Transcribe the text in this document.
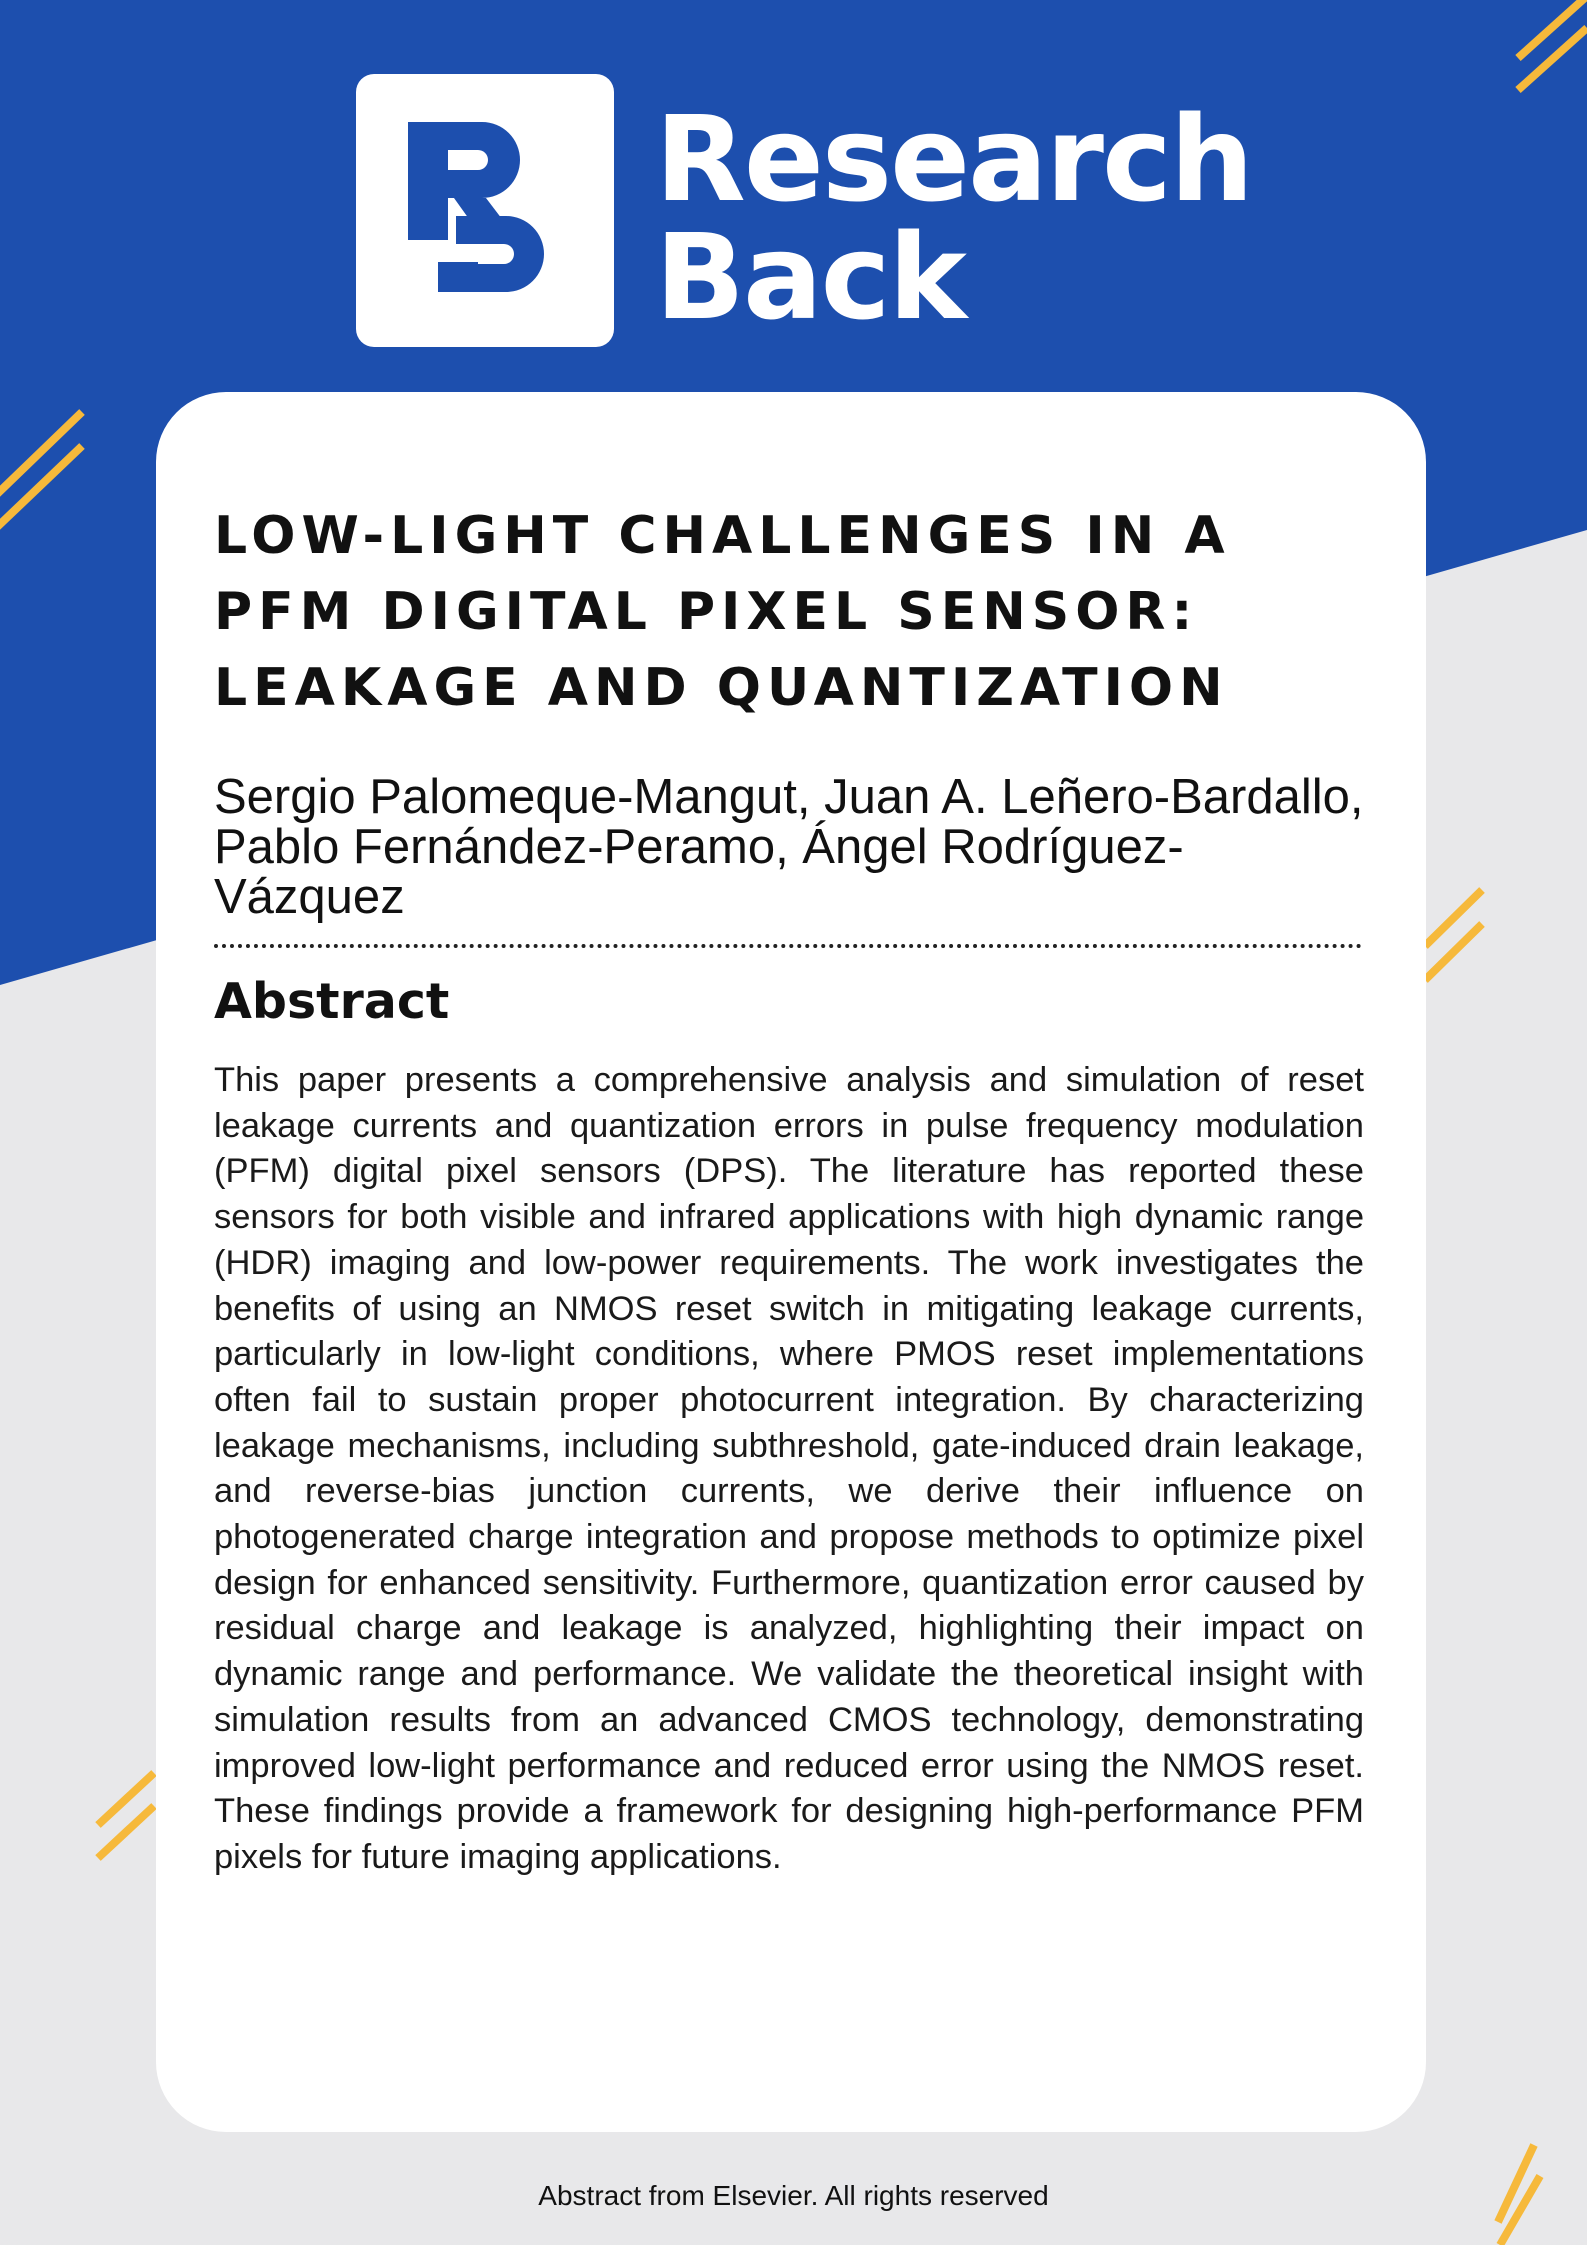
Research
Back
LOW-LIGHT CHALLENGES IN A PFM DIGITAL PIXEL SENSOR: LEAKAGE AND QUANTIZATION

Sergio Palomeque-Mangut, Juan A. Leñero-Bardallo, Pablo Fernández-Peramo, Ángel Rodríguez-Vázquez

Abstract

This paper presents a comprehensive analysis and simulation of reset leakage currents and quantization errors in pulse frequency modulation (PFM) digital pixel sensors (DPS). The literature has reported these sensors for both visible and infrared applications with high dynamic range (HDR) imaging and low-power requirements. The work investigates the benefits of using an NMOS reset switch in mitigating leakage currents, particularly in low-light conditions, where PMOS reset implementations often fail to sustain proper photocurrent integration. By characterizing leakage mechanisms, including subthreshold, gate-induced drain leakage, and reverse-bias junction currents, we derive their influence on photogenerated charge integration and propose methods to optimize pixel design for enhanced sensitivity. Furthermore, quantization error caused by residual charge and leakage is analyzed, highlighting their impact on dynamic range and performance. We validate the theoretical insight with simulation results from an advanced CMOS technology, demonstrating improved low-light performance and reduced error using the NMOS reset. These findings provide a framework for designing high-performance PFM pixels for future imaging applications.

Abstract from Elsevier. All rights reserved
